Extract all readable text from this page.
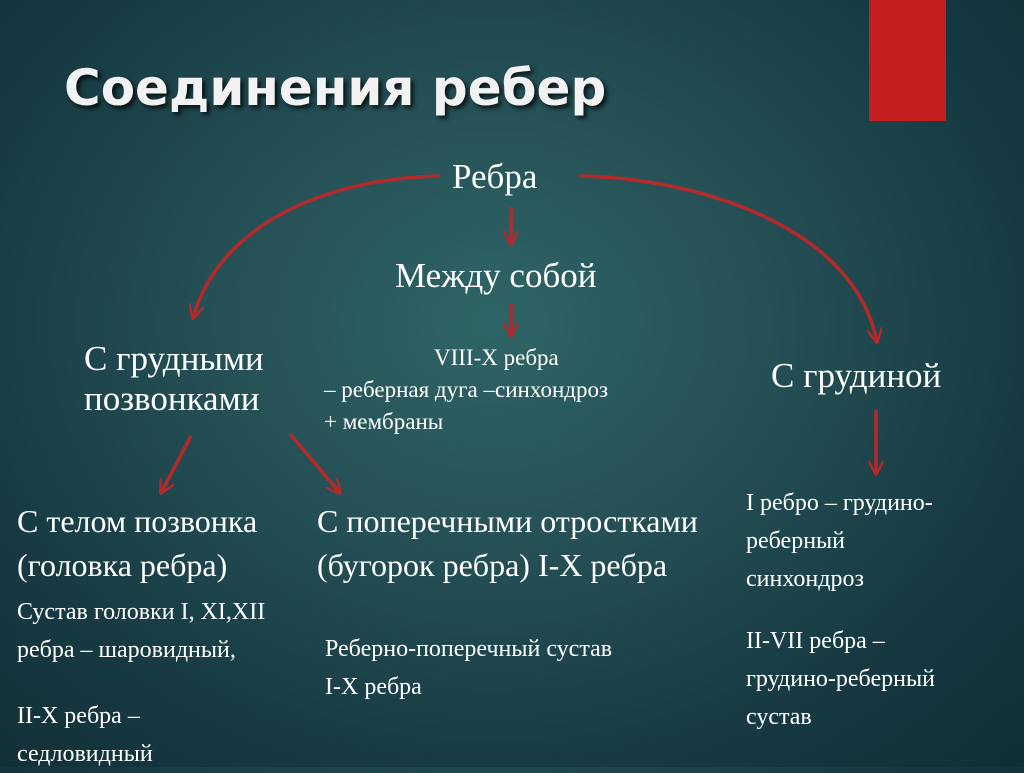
Соединения ребер
Ребра
Между собой
С грудными
позвонками
С грудиной
VIII-X ребра
– реберная дуга –синхондроз
+ мембраны
С телом позвонка
(головка ребра)
С поперечными отростками
(бугорок ребра) I-X ребра
Сустав головки I, XI,XII
ребра – шаровидный,
II-X ребра –
седловидный
Реберно-поперечный сустав
I-X ребра
I ребро – грудино-
реберный
синхондроз
II-VII ребра –
грудино-реберный
сустав
